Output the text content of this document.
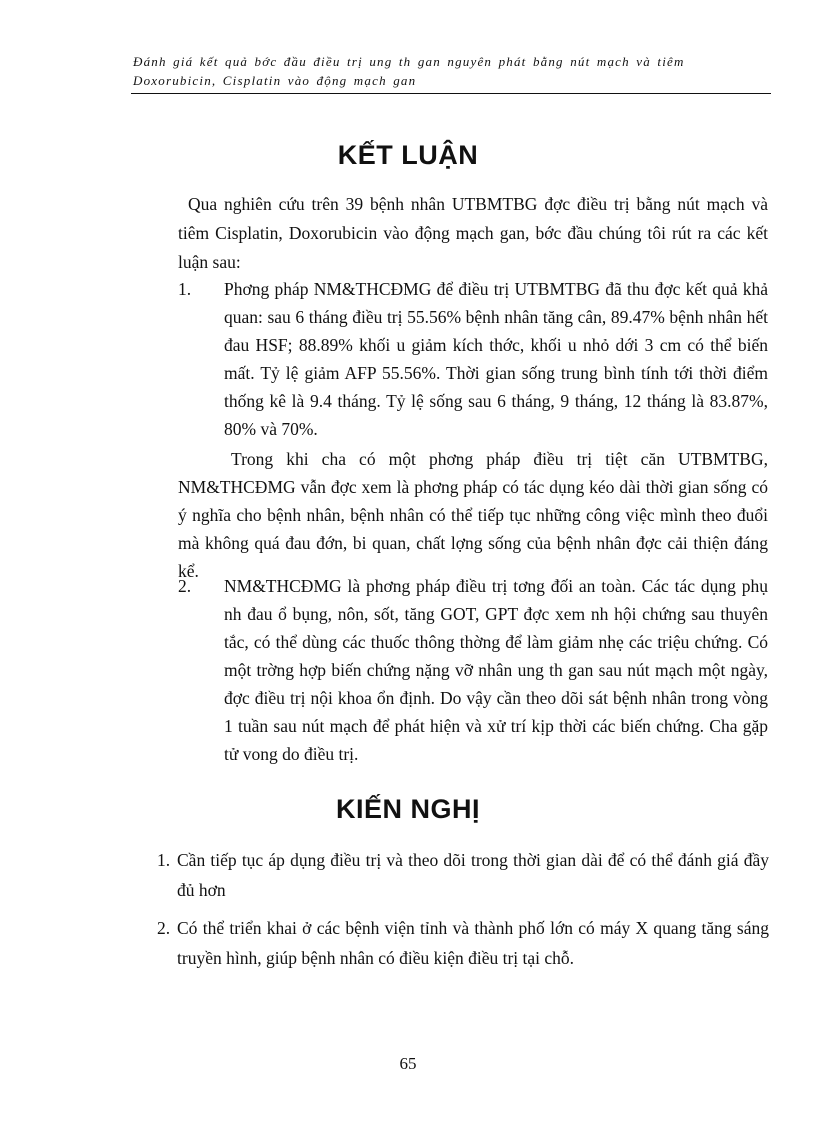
Đánh giá kết quả bớc đầu điều trị ung th gan nguyên phát bằng nút mạch và tiêm
Doxorubicin, Cisplatin vào động mạch gan
KẾT LUẬN

Qua nghiên cứu trên 39 bệnh nhân UTBMTBG đợc điều trị bằng nút mạch và tiêm Cisplatin, Doxorubicin vào động mạch gan, bớc đầu chúng tôi rút ra các kết luận sau:

1. Phơng pháp NM&THCĐMG để điều trị UTBMTBG đã thu đợc kết quả khả quan: sau 6 tháng điều trị 55.56% bệnh nhân tăng cân, 89.47% bệnh nhân hết đau HSF; 88.89% khối u giảm kích thớc, khối u nhỏ dới 3 cm có thể biến mất. Tỷ lệ giảm AFP 55.56%. Thời gian sống trung bình tính tới thời điểm thống kê là 9.4 tháng. Tỷ lệ sống sau 6 tháng, 9 tháng, 12 tháng là 83.87%, 80% và 70%.

Trong khi cha có một phơng pháp điều trị tiệt căn UTBMTBG, NM&THCĐMG vẫn đợc xem là phơng pháp có tác dụng kéo dài thời gian sống có ý nghĩa cho bệnh nhân, bệnh nhân có thể tiếp tục những công việc mình theo đuổi mà không quá đau đớn, bi quan, chất lợng sống của bệnh nhân đợc cải thiện đáng kể.

2. NM&THCĐMG là phơng pháp điều trị tơng đối an toàn. Các tác dụng phụ nh đau ổ bụng, nôn, sốt, tăng GOT, GPT đợc xem nh hội chứng sau thuyên tắc, có thể dùng các thuốc thông thờng để làm giảm nhẹ các triệu chứng. Có một trờng hợp biến chứng nặng vỡ nhân ung th gan sau nút mạch một ngày, đợc điều trị nội khoa ổn định. Do vậy cần theo dõi sát bệnh nhân trong vòng 1 tuần sau nút mạch để phát hiện và xử trí kịp thời các biến chứng. Cha gặp tử vong do điều trị.

KIẾN NGHỊ
1. Cần tiếp tục áp dụng điều trị và theo dõi trong thời gian dài để có thể đánh giá đầy đủ hơn
2. Có thể triển khai ở các bệnh viện tỉnh và thành phố lớn có máy X quang tăng sáng truyền hình, giúp bệnh nhân có điều kiện điều trị tại chỗ.
65
